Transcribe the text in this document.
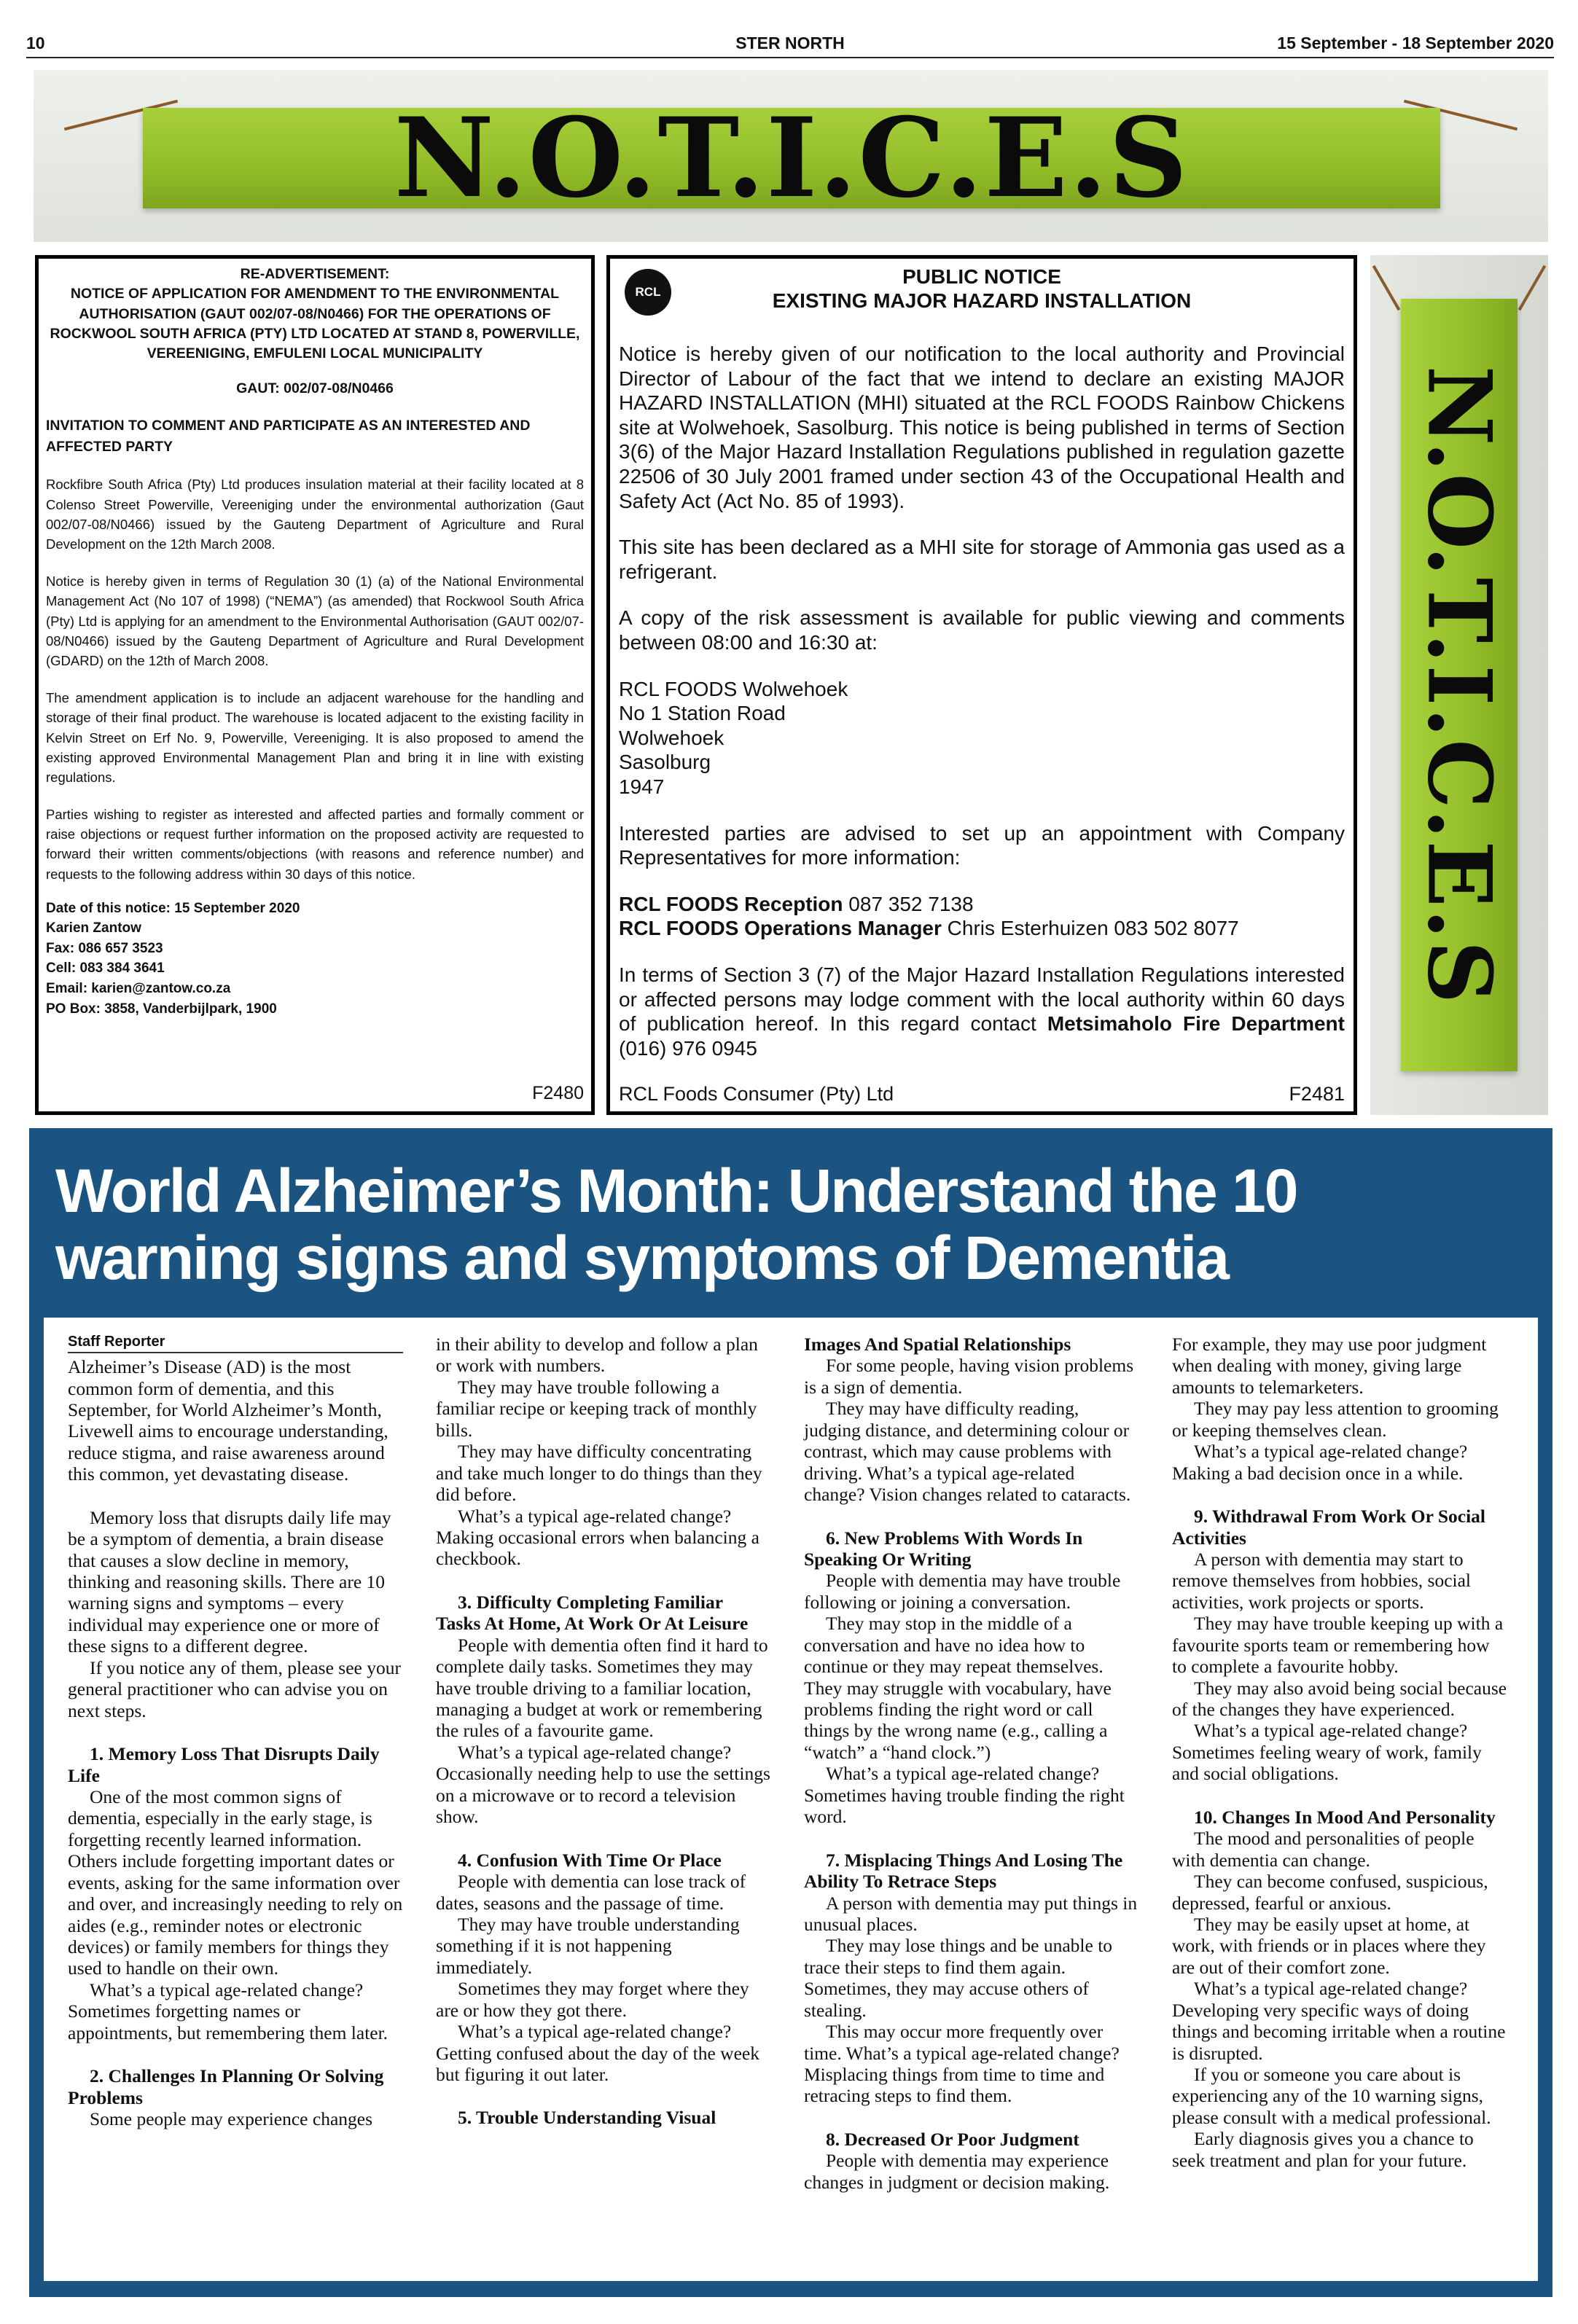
10	STER NORTH	15 September - 18 September 2020
N.O.T.I.C.E.S
RE-ADVERTISEMENT:
NOTICE OF APPLICATION FOR AMENDMENT TO THE ENVIRONMENTAL AUTHORISATION (GAUT 002/07-08/N0466) FOR THE OPERATIONS OF ROCKWOOL SOUTH AFRICA (PTY) LTD LOCATED AT STAND 8, POWERVILLE, VEREENIGING, EMFULENI LOCAL MUNICIPALITY
GAUT: 002/07-08/N0466
INVITATION TO COMMENT AND PARTICIPATE AS AN INTERESTED AND AFFECTED PARTY

Rockfibre South Africa (Pty) Ltd produces insulation material at their facility located at 8 Colenso Street Powerville, Vereeniging under the environmental authorization (Gaut 002/07-08/N0466) issued by the Gauteng Department of Agriculture and Rural Development on the 12th March 2008.

Notice is hereby given in terms of Regulation 30 (1) (a) of the National Environmental Management Act (No 107 of 1998) (“NEMA”) (as amended) that Rockwool South Africa (Pty) Ltd is applying for an amendment to the Environmental Authorisation (GAUT 002/07-08/N0466) issued by the Gauteng Department of Agriculture and Rural Development (GDARD) on the 12th of March 2008.

The amendment application is to include an adjacent warehouse for the handling and storage of their final product. The warehouse is located adjacent to the existing facility in Kelvin Street on Erf No. 9, Powerville, Vereeniging. It is also proposed to amend the existing approved Environmental Management Plan and bring it in line with existing regulations.

Parties wishing to register as interested and affected parties and formally comment or raise objections or request further information on the proposed activity are requested to forward their written comments/objections (with reasons and reference number) and requests to the following address within 30 days of this notice.

Date of this notice: 15 September 2020
Karien Zantow
Fax: 086 657 3523
Cell: 083 384 3641
Email: karien@zantow.co.za
PO Box: 3858, Vanderbijlpark, 1900
F2480
RCL
PUBLIC NOTICE
EXISTING MAJOR HAZARD INSTALLATION

Notice is hereby given of our notification to the local authority and Provincial Director of Labour of the fact that we intend to declare an existing MAJOR HAZARD INSTALLATION (MHI) situated at the RCL FOODS Rainbow Chickens site at Wolwehoek, Sasolburg. This notice is being published in terms of Section 3(6) of the Major Hazard Installation Regulations published in regulation gazette 22506 of 30 July 2001 framed under section 43 of the Occupational Health and Safety Act (Act No. 85 of 1993).

This site has been declared as a MHI site for storage of Ammonia gas used as a refrigerant.

A copy of the risk assessment is available for public viewing and comments between 08:00 and 16:30 at:

RCL FOODS Wolwehoek
No 1 Station Road
Wolwehoek
Sasolburg
1947

Interested parties are advised to set up an appointment with Company Representatives for more information:

RCL FOODS Reception 087 352 7138
RCL FOODS Operations Manager Chris Esterhuizen 083 502 8077

In terms of Section 3 (7) of the Major Hazard Installation Regulations interested or affected persons may lodge comment with the local authority within 60 days of publication hereof. In this regard contact Metsimaholo Fire Department (016) 976 0945

RCL Foods Consumer (Pty) Ltd	F2481
N.O.T.I.C.E.S
World Alzheimer’s Month: Understand the 10 warning signs and symptoms of Dementia
Staff Reporter

Alzheimer’s Disease (AD) is the most common form of dementia, and this September, for World Alzheimer’s Month, Livewell aims to encourage understanding, reduce stigma, and raise awareness around this common, yet devastating disease.

Memory loss that disrupts daily life may be a symptom of dementia, a brain disease that causes a slow decline in memory, thinking and reasoning skills. There are 10 warning signs and symptoms – every individual may experience one or more of these signs to a different degree.

If you notice any of them, please see your general practitioner who can advise you on next steps.

1. Memory Loss That Disrupts Daily Life

One of the most common signs of dementia, especially in the early stage, is forgetting recently learned information. Others include forgetting important dates or events, asking for the same information over and over, and increasingly needing to rely on aides (e.g., reminder notes or electronic devices) or family members for things they used to handle on their own.

What’s a typical age-related change? Sometimes forgetting names or appointments, but remembering them later.

2. Challenges In Planning Or Solving Problems

Some people may experience changes

in their ability to develop and follow a plan or work with numbers.

They may have trouble following a familiar recipe or keeping track of monthly bills.

They may have difficulty concentrating and take much longer to do things than they did before.

What’s a typical age-related change? Making occasional errors when balancing a checkbook.

3. Difficulty Completing Familiar Tasks At Home, At Work Or At Leisure

People with dementia often find it hard to complete daily tasks. Sometimes they may have trouble driving to a familiar location, managing a budget at work or remembering the rules of a favourite game.

What’s a typical age-related change? Occasionally needing help to use the settings on a microwave or to record a television show.

4. Confusion With Time Or Place

People with dementia can lose track of dates, seasons and the passage of time.

They may have trouble understanding something if it is not happening immediately.

Sometimes they may forget where they are or how they got there.

What’s a typical age-related change? Getting confused about the day of the week but figuring it out later.

5. Trouble Understanding Visual
Images And Spatial Relationships

For some people, having vision problems is a sign of dementia.

They may have difficulty reading, judging distance, and determining colour or contrast, which may cause problems with driving. What’s a typical age-related change? Vision changes related to cataracts.

6. New Problems With Words In Speaking Or Writing

People with dementia may have trouble following or joining a conversation.

They may stop in the middle of a conversation and have no idea how to continue or they may repeat themselves. They may struggle with vocabulary, have problems finding the right word or call things by the wrong name (e.g., calling a “watch” a “hand clock.”)

What’s a typical age-related change? Sometimes having trouble finding the right word.

7. Misplacing Things And Losing The Ability To Retrace Steps

A person with dementia may put things in unusual places.

They may lose things and be unable to trace their steps to find them again. Sometimes, they may accuse others of stealing.

This may occur more frequently over time. What’s a typical age-related change? Misplacing things from time to time and retracing steps to find them.

8. Decreased Or Poor Judgment

People with dementia may experience changes in judgment or decision making.

For example, they may use poor judgment when dealing with money, giving large amounts to telemarketers.

They may pay less attention to grooming or keeping themselves clean.

What’s a typical age-related change? Making a bad decision once in a while.

9. Withdrawal From Work Or Social Activities

A person with dementia may start to remove themselves from hobbies, social activities, work projects or sports.

They may have trouble keeping up with a favourite sports team or remembering how to complete a favourite hobby.

They may also avoid being social because of the changes they have experienced.

What’s a typical age-related change? Sometimes feeling weary of work, family and social obligations.

10. Changes In Mood And Personality

The mood and personalities of people with dementia can change.

They can become confused, suspicious, depressed, fearful or anxious.

They may be easily upset at home, at work, with friends or in places where they are out of their comfort zone.

What’s a typical age-related change? Developing very specific ways of doing things and becoming irritable when a routine is disrupted.

If you or someone you care about is experiencing any of the 10 warning signs, please consult with a medical professional.

Early diagnosis gives you a chance to seek treatment and plan for your future.
